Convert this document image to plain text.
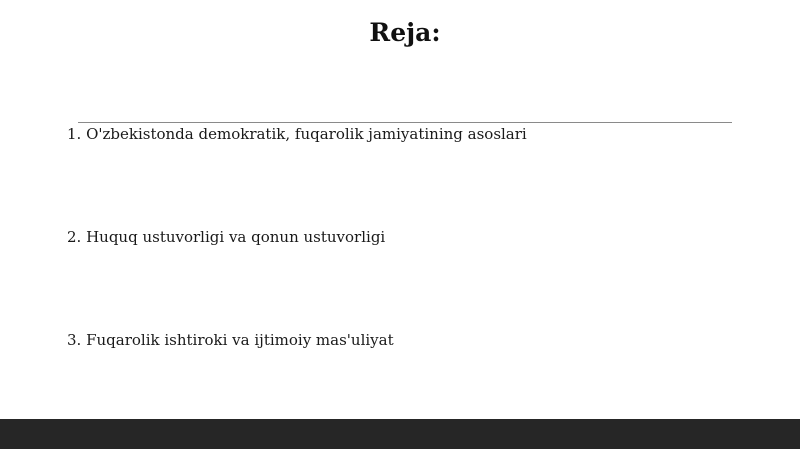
Reja:
1. O'zbekistonda demokratik, fuqarolik jamiyatining asoslari
2. Huquq ustuvorligi va qonun ustuvorligi
3. Fuqarolik ishtiroki va ijtimoiy mas'uliyat
